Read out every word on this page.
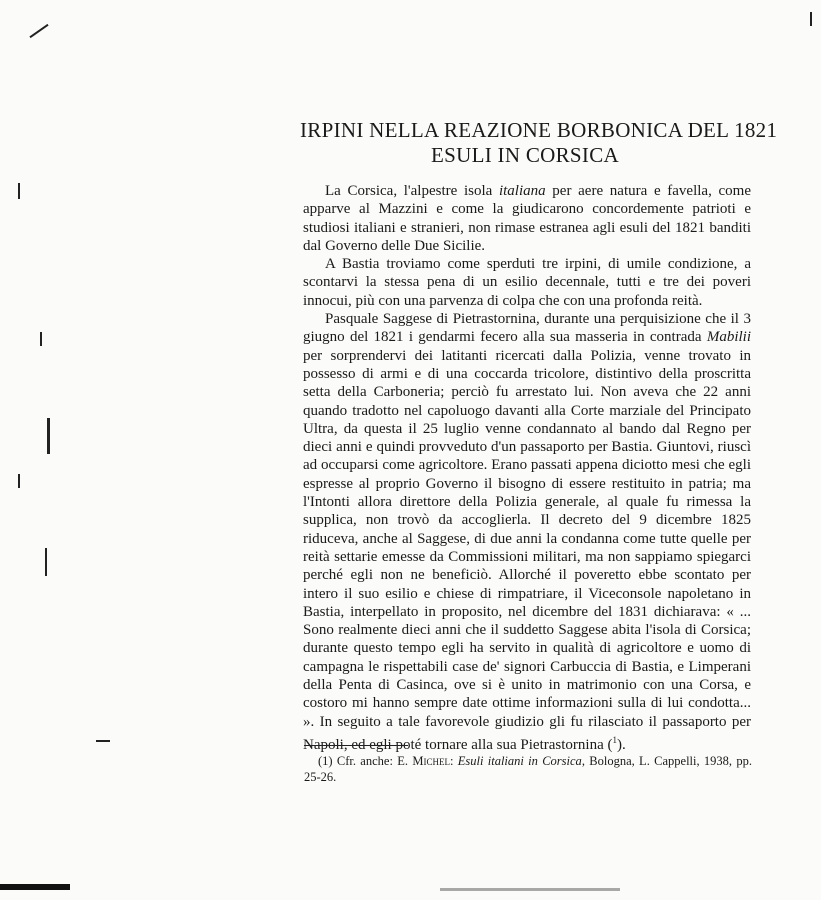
IRPINI NELLA REAZIONE BORBONICA DEL 1821
ESULI IN CORSICA

La Corsica, l'alpestre isola italiana per aere natura e favella, come apparve al Mazzini e come la giudicarono concordemente patrioti e studiosi italiani e stranieri, non rimase estranea agli esuli del 1821 banditi dal Governo delle Due Sicilie.

A Bastia troviamo come sperduti tre irpini, di umile condizione, a scontarvi la stessa pena di un esilio decennale, tutti e tre dei poveri innocui, più con una parvenza di colpa che con una profonda reità.

Pasquale Saggese di Pietrastornina, durante una perquisizione che il 3 giugno del 1821 i gendarmi fecero alla sua masseria in contrada Mabilii per sorprendervi dei latitanti ricercati dalla Polizia, venne trovato in possesso di armi e di una coccarda tricolore, distintivo della proscritta setta della Carboneria; perciò fu arrestato lui. Non aveva che 22 anni quando tradotto nel capoluogo davanti alla Corte marziale del Principato Ultra, da questa il 25 luglio venne condannato al bando dal Regno per dieci anni e quindi provveduto d'un passaporto per Bastia. Giuntovi, riuscì ad occuparsi come agricoltore. Erano passati appena diciotto mesi che egli espresse al proprio Governo il bisogno di essere restituito in patria; ma l'Intonti allora direttore della Polizia generale, al quale fu rimessa la supplica, non trovò da accoglierla. Il decreto del 9 dicembre 1825 riduceva, anche al Saggese, di due anni la condanna come tutte quelle per reità settarie emesse da Commissioni militari, ma non sappiamo spiegarci perché egli non ne beneficiò. Allorché il poveretto ebbe scontato per intero il suo esilio e chiese di rimpatriare, il Viceconsole napoletano in Bastia, interpellato in proposito, nel dicembre del 1831 dichiarava: « ... Sono realmente dieci anni che il suddetto Saggese abita l'isola di Corsica; durante questo tempo egli ha servito in qualità di agricoltore e uomo di campagna le rispettabili case de' signori Carbuccia di Bastia, e Limperani della Penta di Casinca, ove si è unito in matrimonio con una Corsa, e costoro mi hanno sempre date ottime informazioni sulla di lui condotta... ». In seguito a tale favorevole giudizio gli fu rilasciato il passaporto per Napoli, ed egli poté tornare alla sua Pietrastornina ($^1$).

(1) Cfr. anche: E. Michel: Esuli italiani in Corsica, Bologna, L. Cappelli, 1938, pp. 25-26.
